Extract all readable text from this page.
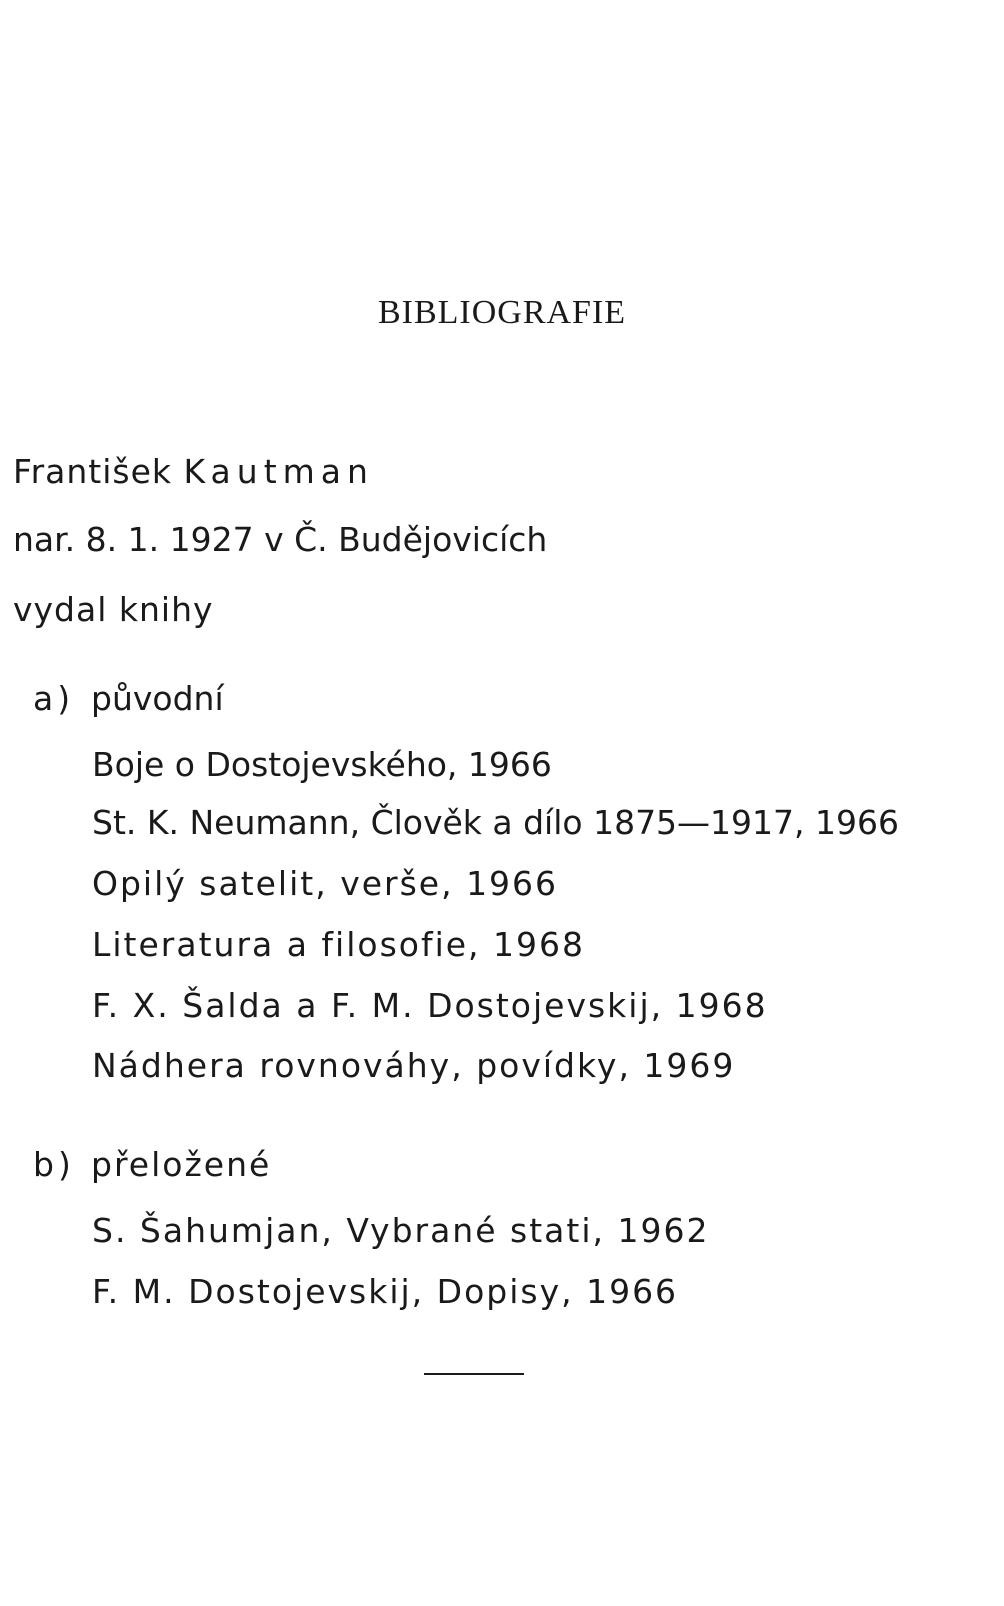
BIBLIOGRAFIE
František Kautman
nar. 8. 1. 1927 v Č. Budějovicích
vydal knihy
a) původní
Boje o Dostojevského, 1966
St. K. Neumann, Člověk a dílo 1875—1917, 1966
Opilý satelit, verše, 1966
Literatura a filosofie, 1968
F. X. Šalda a F. M. Dostojevskij, 1968
Nádhera rovnováhy, povídky, 1969
b) přeložené
S. Šahumjan, Vybrané stati, 1962
F. M. Dostojevskij, Dopisy, 1966
